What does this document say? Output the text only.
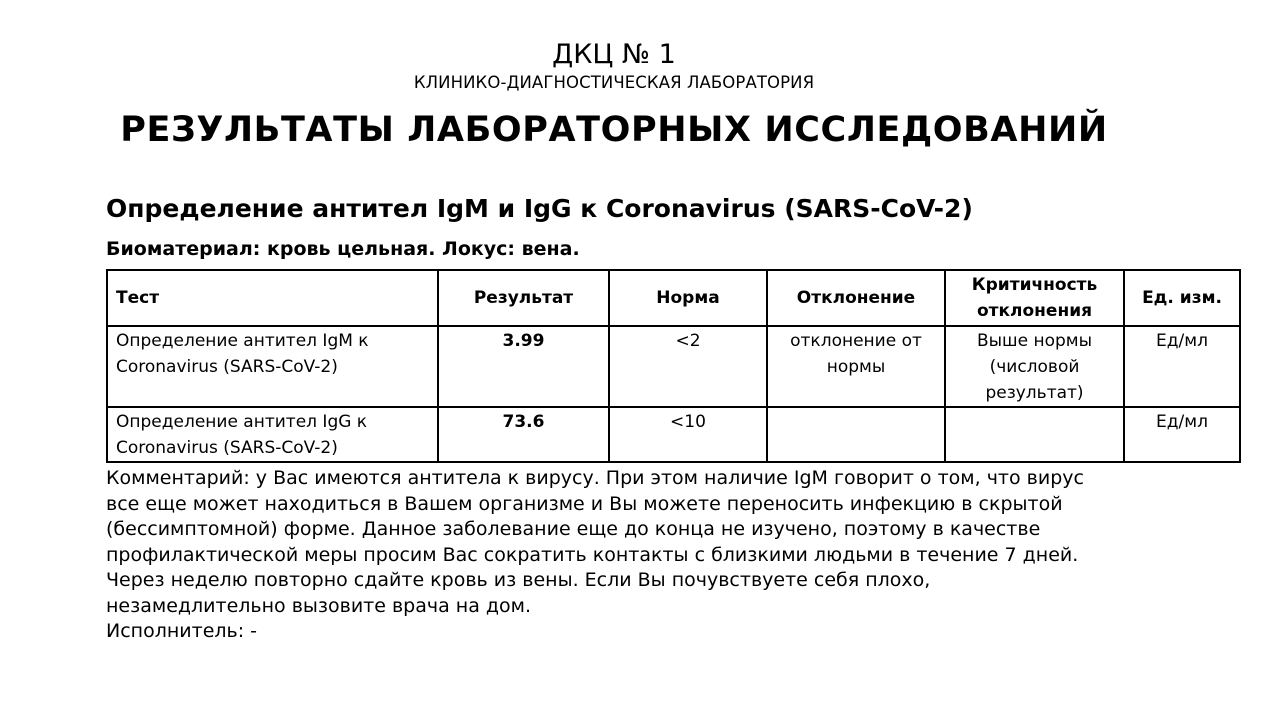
ДКЦ № 1
КЛИНИКО-ДИАГНОСТИЧЕСКАЯ ЛАБОРАТОРИЯ
РЕЗУЛЬТАТЫ ЛАБОРАТОРНЫХ ИССЛЕДОВАНИЙ
Определение антител IgM и IgG к Coronavirus (SARS-CoV-2)
Биоматериал: кровь цельная. Локус: вена.
Тест	Результат	Норма	Отклонение	Критичность отклонения	Ед. изм.
Определение антител IgM к Coronavirus (SARS-CoV-2)	3.99	<2	отклонение от нормы	Выше нормы (числовой результат)	Ед/мл
Определение антител IgG к Coronavirus (SARS-CoV-2)	73.6	<10			Ед/мл

Комментарий: у Вас имеются антитела к вирусу. При этом наличие IgM говорит о том, что вирус

все еще может находиться в Вашем организме и Вы можете переносить инфекцию в скрытой

(бессимптомной) форме. Данное заболевание еще до конца не изучено, поэтому в качестве

профилактической меры просим Вас сократить контакты с близкими людьми в течение 7 дней.

Через неделю повторно сдайте кровь из вены. Если Вы почувствуете себя плохо,

незамедлительно вызовите врача на дом.

Исполнитель: -
